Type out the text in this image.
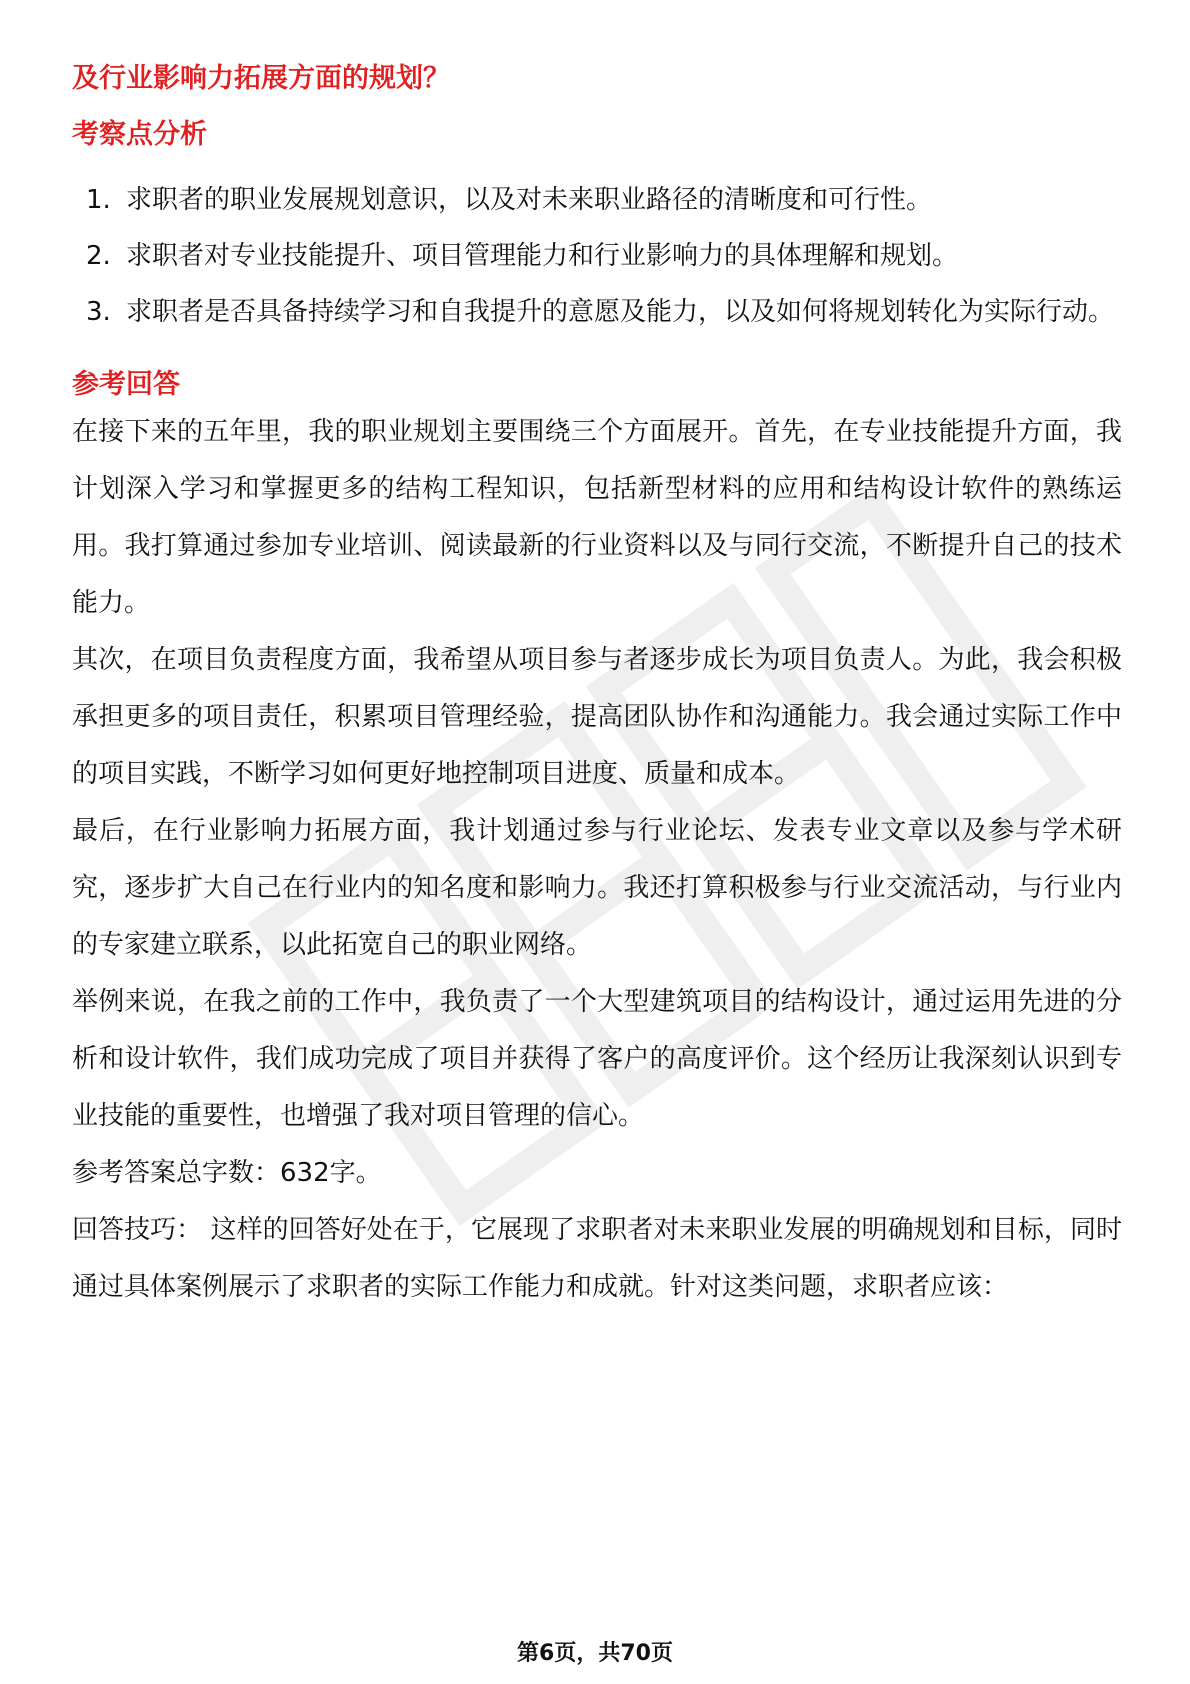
及行业影响力拓展方面的规划？
考察点分析
1. 求职者的职业发展规划意识，以及对未来职业路径的清晰度和可行性。
2. 求职者对专业技能提升、项目管理能力和行业影响力的具体理解和规划。
3. 求职者是否具备持续学习和自我提升的意愿及能力，以及如何将规划转化为实际行动。
参考回答

在接下来的五年里，我的职业规划主要围绕三个方面展开。首先，在专业技能提升方面，我计划深入学习和掌握更多的结构工程知识，包括新型材料的应用和结构设计软件的熟练运用。我打算通过参加专业培训、阅读最新的行业资料以及与同行交流，不断提升自己的技术能力。

其次，在项目负责程度方面，我希望从项目参与者逐步成长为项目负责人。为此，我会积极承担更多的项目责任，积累项目管理经验，提高团队协作和沟通能力。我会通过实际工作中的项目实践，不断学习如何更好地控制项目进度、质量和成本。

最后，在行业影响力拓展方面，我计划通过参与行业论坛、发表专业文章以及参与学术研究，逐步扩大自己在行业内的知名度和影响力。我还打算积极参与行业交流活动，与行业内的专家建立联系，以此拓宽自己的职业网络。

举例来说，在我之前的工作中，我负责了一个大型建筑项目的结构设计，通过运用先进的分析和设计软件，我们成功完成了项目并获得了客户的高度评价。这个经历让我深刻认识到专业技能的重要性，也增强了我对项目管理的信心。

参考答案总字数：632字。

回答技巧： 这样的回答好处在于，它展现了求职者对未来职业发展的明确规划和目标，同时通过具体案例展示了求职者的实际工作能力和成就。针对这类问题，求职者应该：

第6页，共70页
